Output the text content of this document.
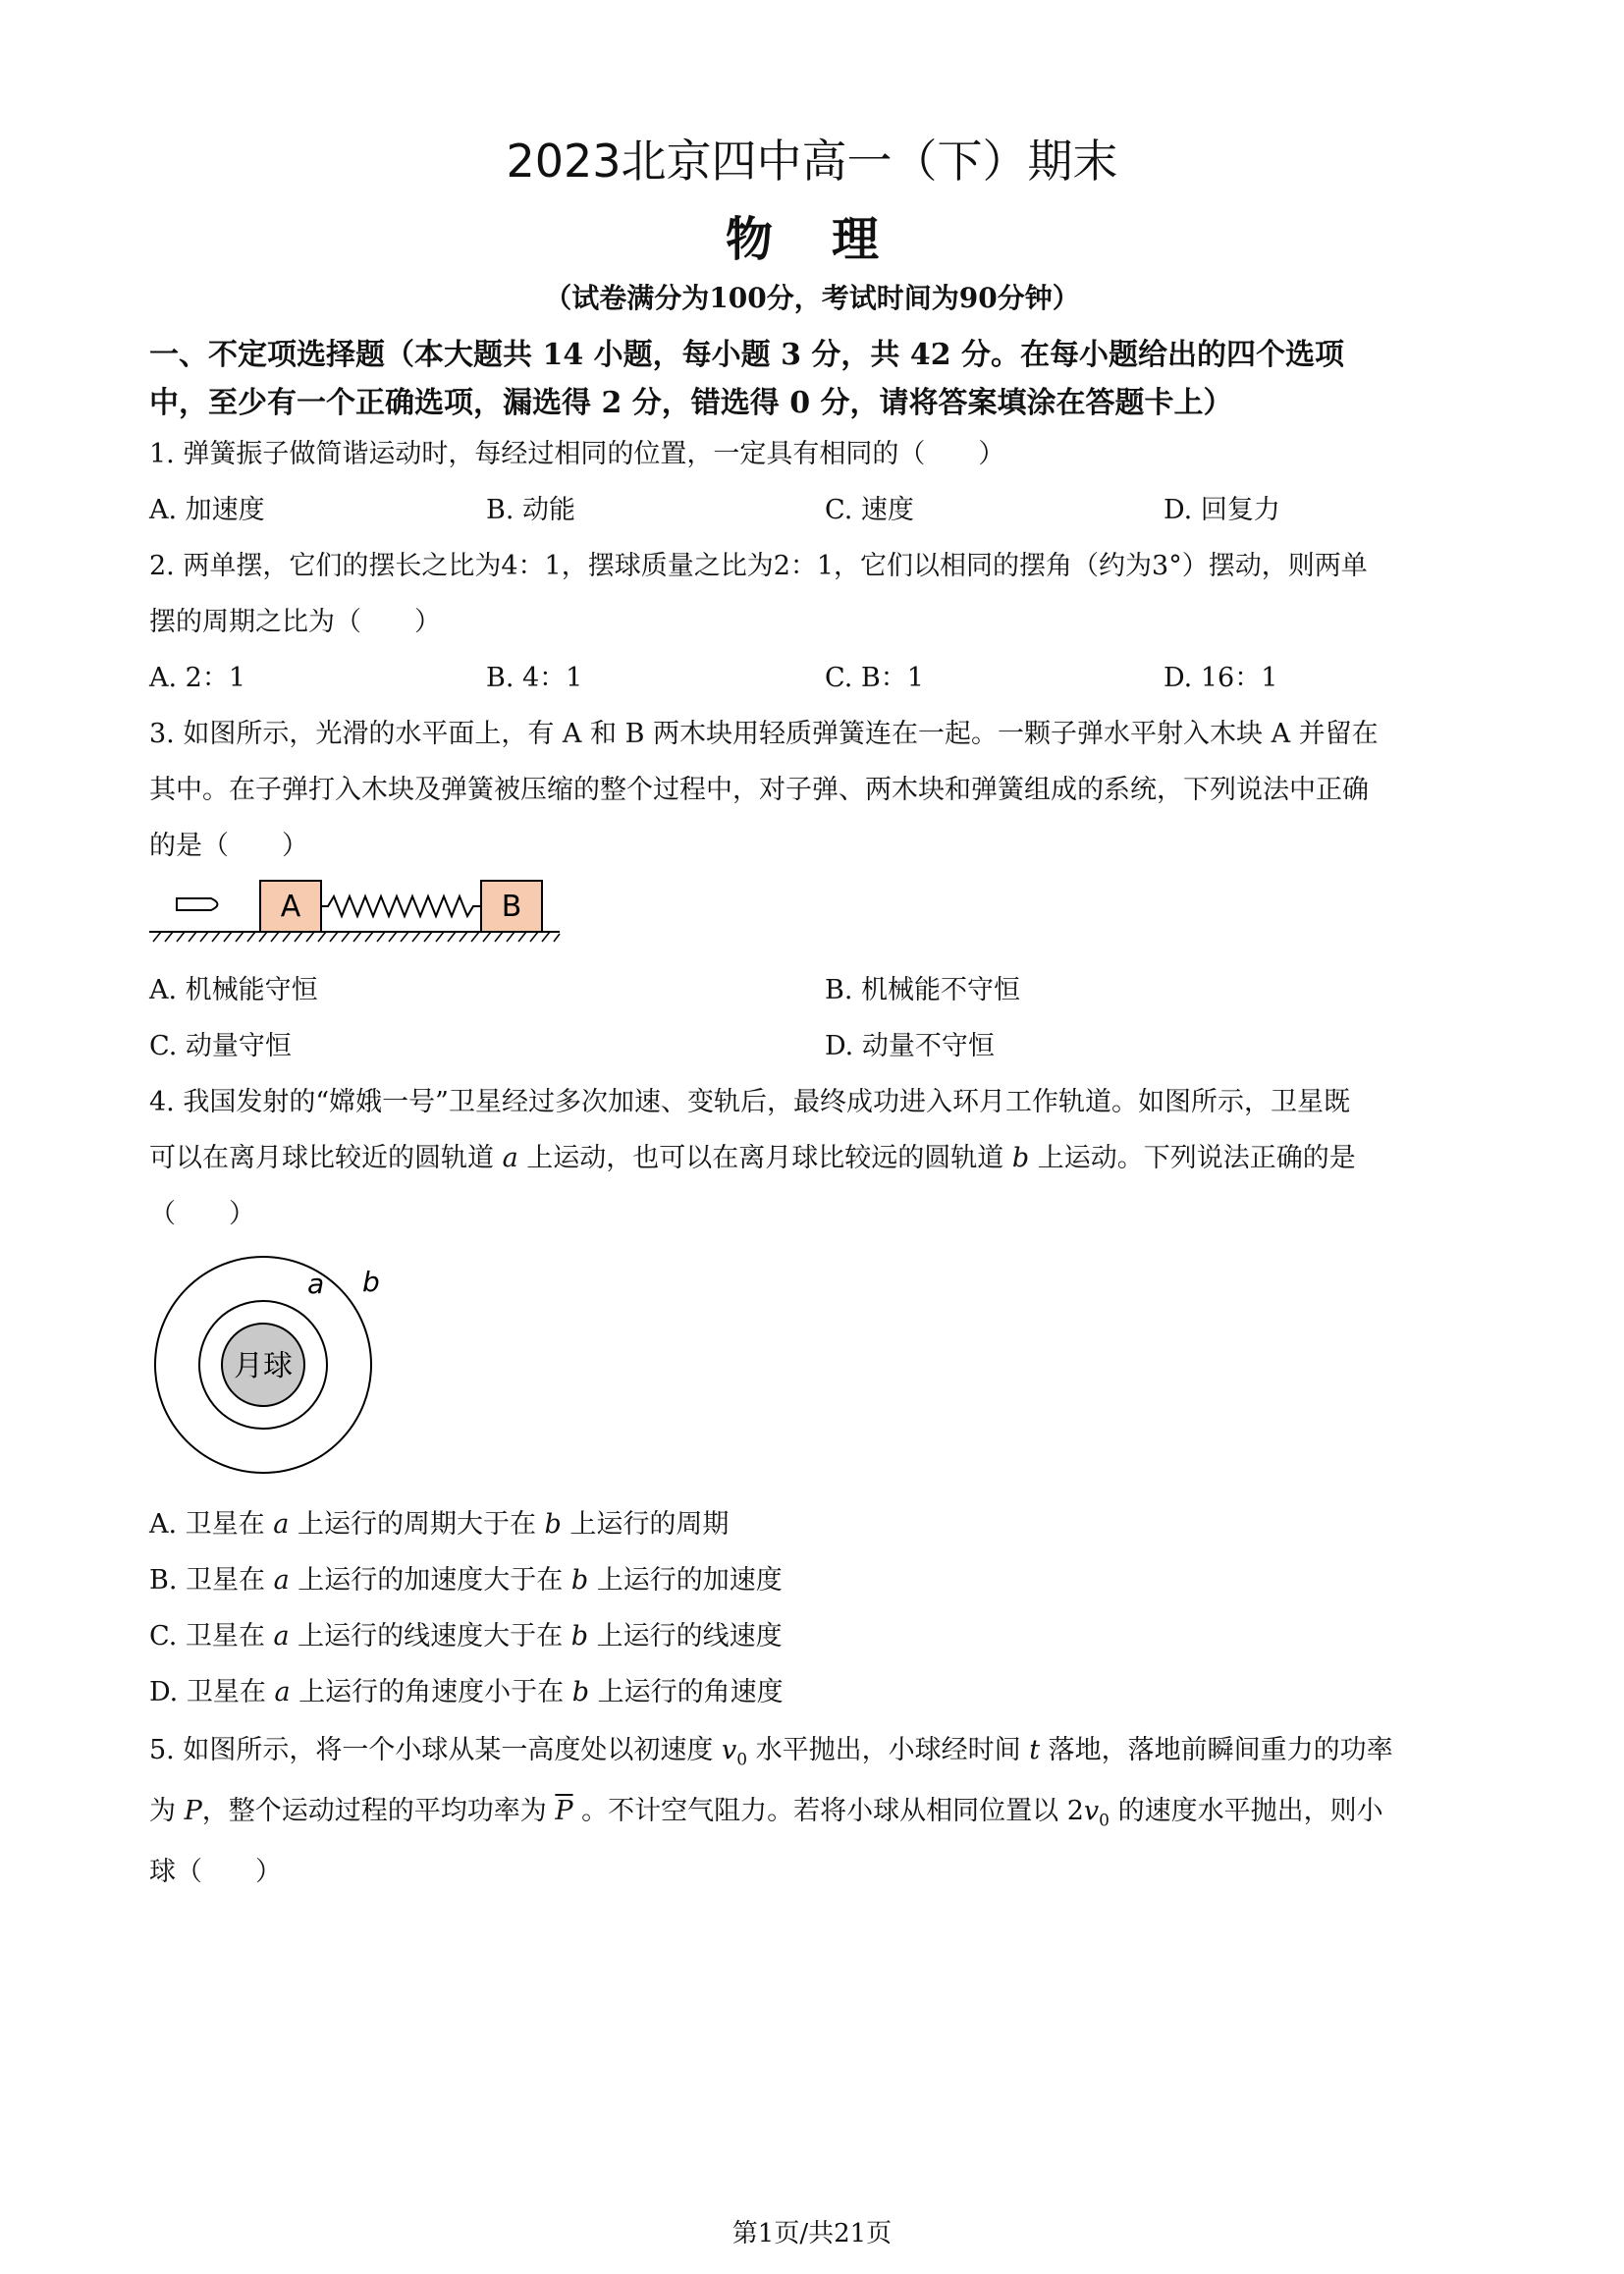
2023北京四中高一（下）期末
物理
（试卷满分为100分，考试时间为90分钟）
一、不定项选择题（本大题共 14 小题，每小题 3 分，共 42 分。在每小题给出的四个选项
中，至少有一个正确选项，漏选得 2 分，错选得 0 分，请将答案填涂在答题卡上）
1. 弹簧振子做简谐运动时，每经过相同的位置，一定具有相同的（　　）
A. 加速度	B. 动能	C. 速度	D. 回复力
2. 两单摆，它们的摆长之比为4：1，摆球质量之比为2：1，它们以相同的摆角（约为3°）摆动，则两单
摆的周期之比为（　　）
A. 2：1	B. 4：1	C. B：1	D. 16：1
3. 如图所示，光滑的水平面上，有 A 和 B 两木块用轻质弹簧连在一起。一颗子弹水平射入木块 A 并留在
其中。在子弹打入木块及弹簧被压缩的整个过程中，对子弹、两木块和弹簧组成的系统，下列说法中正确
的是（　　）
A	B
A. 机械能守恒	B. 机械能不守恒
C. 动量守恒	D. 动量不守恒
4. 我国发射的“嫦娥一号”卫星经过多次加速、变轨后，最终成功进入环月工作轨道。如图所示，卫星既
可以在离月球比较近的圆轨道 a 上运动，也可以在离月球比较远的圆轨道 b 上运动。下列说法正确的是
（　　）
月球
a b
A. 卫星在 a 上运行的周期大于在 b 上运行的周期
B. 卫星在 a 上运行的加速度大于在 b 上运行的加速度
C. 卫星在 a 上运行的线速度大于在 b 上运行的线速度
D. 卫星在 a 上运行的角速度小于在 b 上运行的角速度
5. 如图所示，将一个小球从某一高度处以初速度 $v_0$ 水平抛出，小球经时间 t 落地，落地前瞬间重力的功率
为 P，整个运动过程的平均功率为 $\overline{P}$ 。不计空气阻力。若将小球从相同位置以 $2v_0$ 的速度水平抛出，则小
球（　　）
第1页/共21页
